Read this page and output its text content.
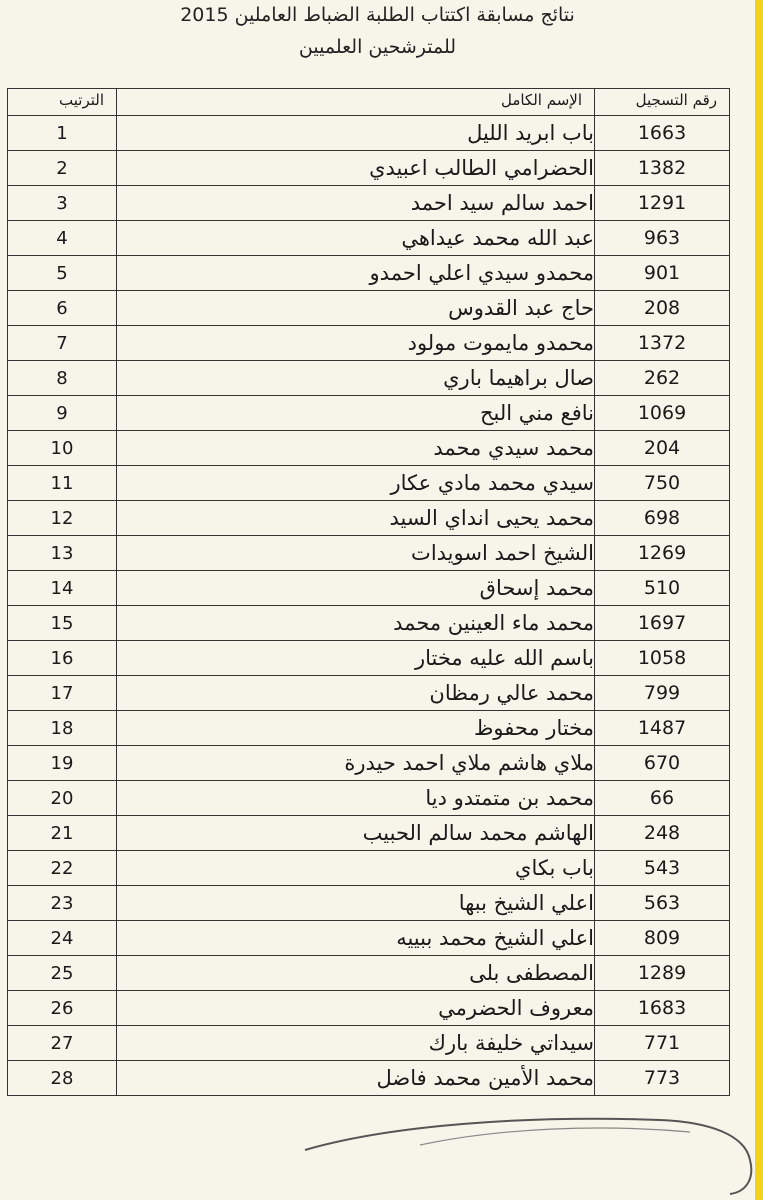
نتائج مسابقة اكتتاب الطلبة الضباط العاملين 2015
للمترشحين العلميين
رقم التسجيل	الإسم الكامل	الترتيب
1663	باب ابريد الليل	1
1382	الحضرامي الطالب اعبيدي	2
1291	احمد سالم سيد احمد	3
963	عبد الله محمد عيداهي	4
901	محمدو سيدي اعلي احمدو	5
208	حاج عبد القدوس	6
1372	محمدو مايموت مولود	7
262	صال براهيما باري	8
1069	نافع مني البح	9
204	محمد سيدي محمد	10
750	سيدي محمد مادي عكار	11
698	محمد يحيى انداي السيد	12
1269	الشيخ احمد اسويدات	13
510	محمد إسحاق	14
1697	محمد ماء العينين محمد	15
1058	باسم الله عليه مختار	16
799	محمد عالي رمظان	17
1487	مختار محفوظ	18
670	ملاي هاشم ملاي احمد حيدرة	19
66	محمد بن متمتدو ديا	20
248	الهاشم محمد سالم الحبيب	21
543	باب بكاي	22
563	اعلي الشيخ ببها	23
809	اعلي الشيخ محمد ببييه	24
1289	المصطفى بلى	25
1683	معروف الحضرمي	26
771	سيداتي خليفة بارك	27
773	محمد الأمين محمد فاضل	28
